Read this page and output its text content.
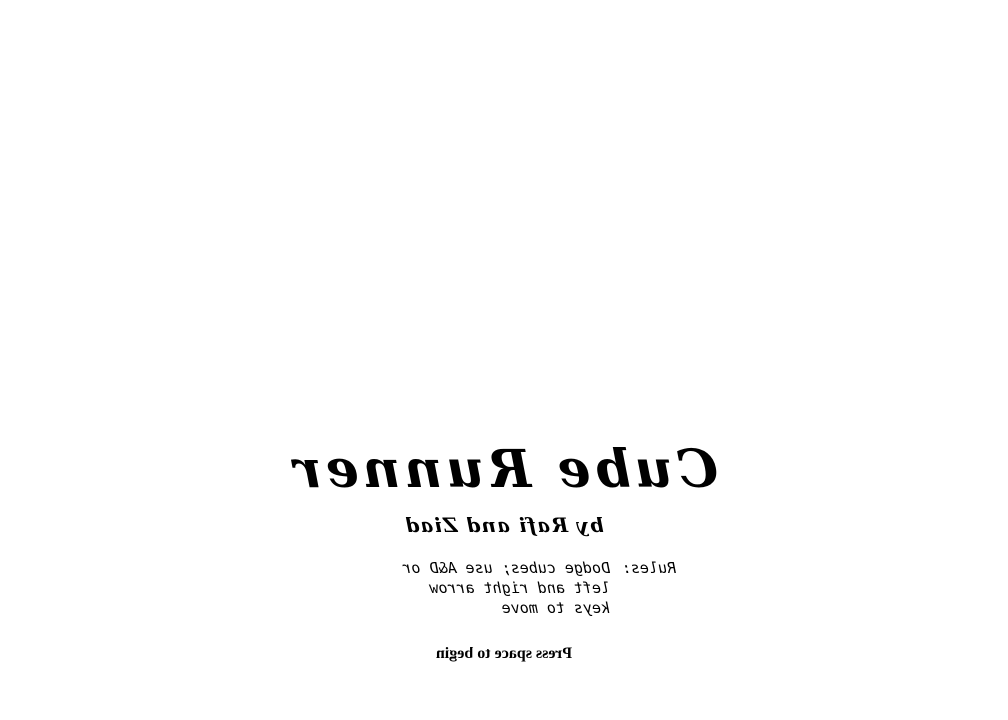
Cube Runner
by Rafi and Ziad
Rules:
Dodge cubes; use A&D or left and right arrow keys to move
Press space to begin
